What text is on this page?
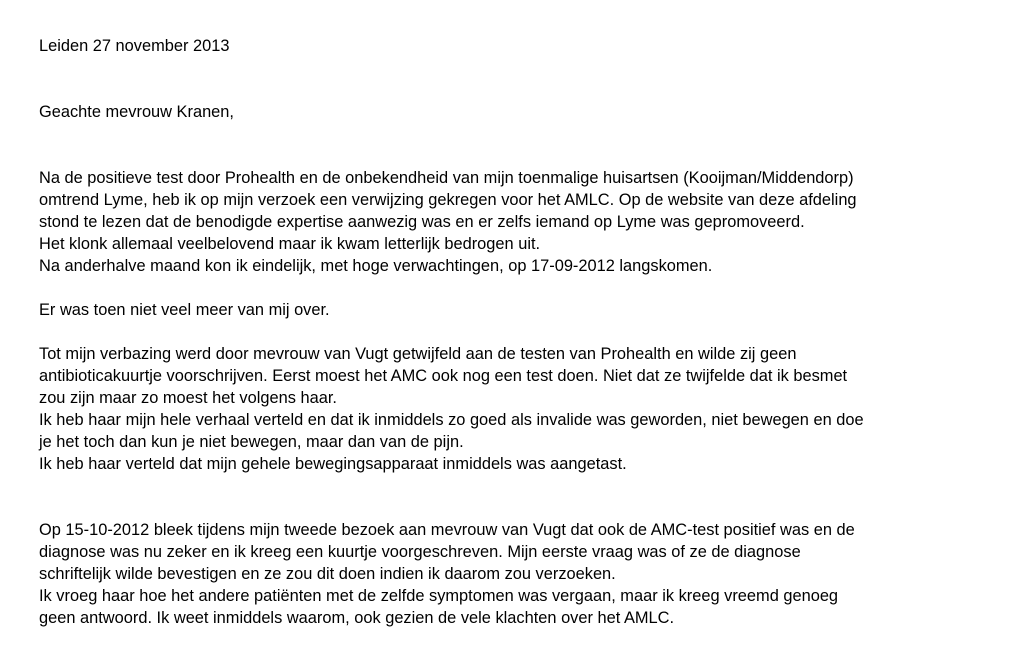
Leiden 27 november 2013
Geachte mevrouw Kranen,
Na de positieve test door Prohealth en de onbekendheid van mijn toenmalige huisartsen (Kooijman/Middendorp)
omtrend Lyme, heb ik op mijn verzoek een verwijzing gekregen voor het AMLC. Op de website van deze afdeling
stond te lezen dat de benodigde expertise aanwezig was en er zelfs iemand op Lyme was gepromoveerd.
Het klonk allemaal veelbelovend maar ik kwam letterlijk bedrogen uit.
Na anderhalve maand kon ik eindelijk, met hoge verwachtingen, op 17-09-2012 langskomen.
Er was toen niet veel meer van mij over.
Tot mijn verbazing werd door mevrouw van Vugt getwijfeld aan de testen van Prohealth en wilde zij geen
antibioticakuurtje voorschrijven. Eerst moest het AMC ook nog een test doen. Niet dat ze twijfelde dat ik besmet
zou zijn maar zo moest het volgens haar.
Ik heb haar mijn hele verhaal verteld en dat ik inmiddels zo goed als invalide was geworden, niet bewegen en doe
je het toch dan kun je niet bewegen, maar dan van de pijn.
Ik heb haar verteld dat mijn gehele bewegingsapparaat inmiddels was aangetast.
Op 15-10-2012 bleek tijdens mijn tweede bezoek aan mevrouw van Vugt dat ook de AMC-test positief was en de
diagnose was nu zeker en ik kreeg een kuurtje voorgeschreven. Mijn eerste vraag was of ze de diagnose
schriftelijk wilde bevestigen en ze zou dit doen indien ik daarom zou verzoeken.
Ik vroeg haar hoe het andere patiënten met de zelfde symptomen was vergaan, maar ik kreeg vreemd genoeg
geen antwoord. Ik weet inmiddels waarom, ook gezien de vele klachten over het AMLC.
